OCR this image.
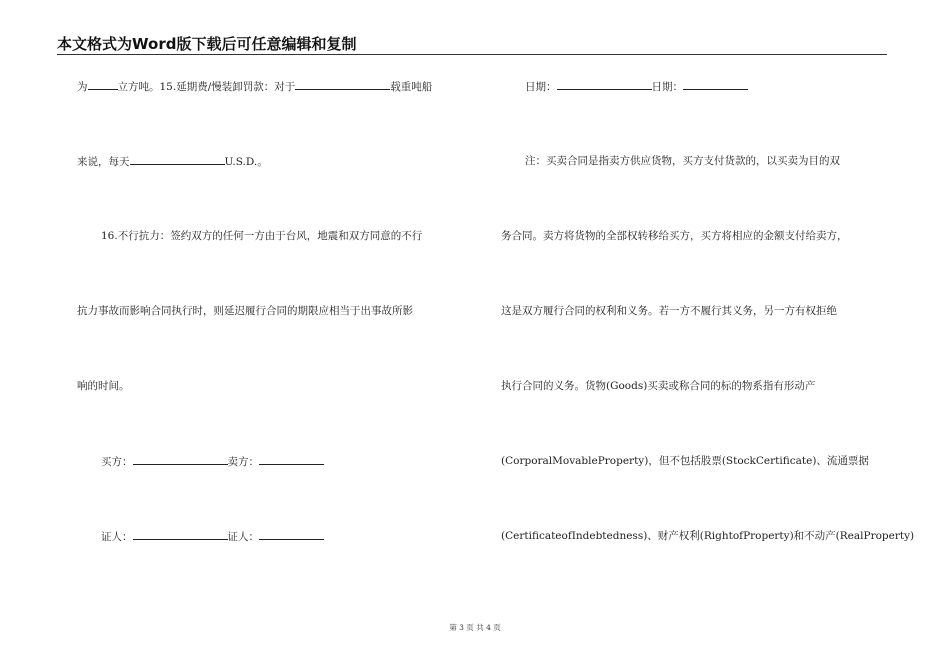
本文格式为Word版下载后可任意编辑和复制
为	立方吨。15.延期费/慢装卸罚款：对于	载重吨船
来说，每天	U.S.D.。
16.不行抗力：签约双方的任何一方由于台风，地震和双方同意的不行
抗力事故而影响合同执行时，则延迟履行合同的期限应相当于出事故所影
响的时间。
买方：	卖方：
证人：	证人：
日期：	日期：
注：买卖合同是指卖方供应货物，买方支付货款的，以买卖为目的双
务合同。卖方将货物的全部权转移给买方，买方将相应的金额支付给卖方，
这是双方履行合同的权利和义务。若一方不履行其义务，另一方有权拒绝
执行合同的义务。货物(Goods)买卖或称合同的标的物系指有形动产
(CorporalMovableProperty)，但不包括股票(StockCertificate)、流通票据
(CertificateofIndebtedness)、财产权利(RightofProperty)和不动产(RealProperty)
第 3 页 共 4 页
